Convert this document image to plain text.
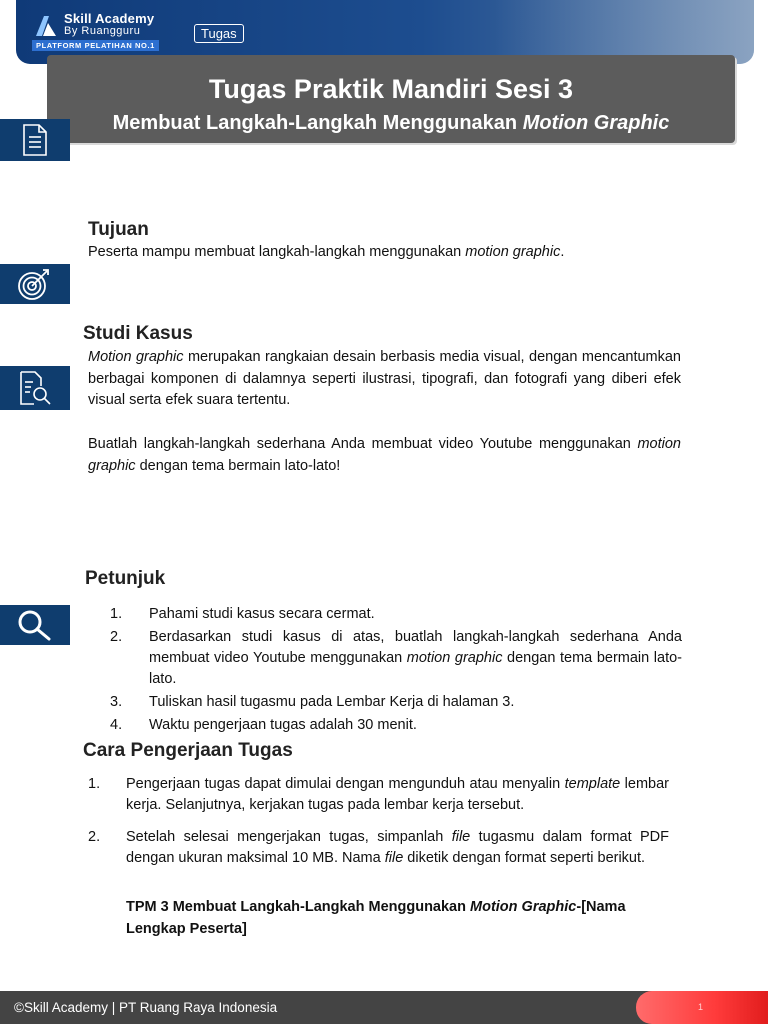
Skill Academy
By Ruangguru
PLATFORM PELATIHAN NO.1
Tugas
Tugas Praktik Mandiri Sesi 3
Membuat Langkah-Langkah Menggunakan Motion Graphic
Tujuan
Peserta mampu membuat langkah-langkah menggunakan motion graphic.
Studi Kasus
Motion graphic merupakan rangkaian desain berbasis media visual, dengan mencantumkan berbagai komponen di dalamnya seperti ilustrasi, tipografi, dan fotografi yang diberi efek visual serta efek suara tertentu.
Buatlah langkah-langkah sederhana Anda membuat video Youtube menggunakan motion graphic dengan tema bermain lato-lato!
Petunjuk
1.	Pahami studi kasus secara cermat.
2.	Berdasarkan studi kasus di atas, buatlah langkah-langkah sederhana Anda membuat video Youtube menggunakan motion graphic dengan tema bermain lato-lato.
3.	Tuliskan hasil tugasmu pada Lembar Kerja di halaman 3.
4.	Waktu pengerjaan tugas adalah 30 menit.
Cara Pengerjaan Tugas
1.	Pengerjaan tugas dapat dimulai dengan mengunduh atau menyalin template lembar kerja. Selanjutnya, kerjakan tugas pada lembar kerja tersebut.
2.	Setelah selesai mengerjakan tugas, simpanlah file tugasmu dalam format PDF dengan ukuran maksimal 10 MB. Nama file diketik dengan format seperti berikut.
TPM 3 Membuat Langkah-Langkah Menggunakan Motion Graphic-[Nama Lengkap Peserta]
©Skill Academy | PT Ruang Raya Indonesia	1
